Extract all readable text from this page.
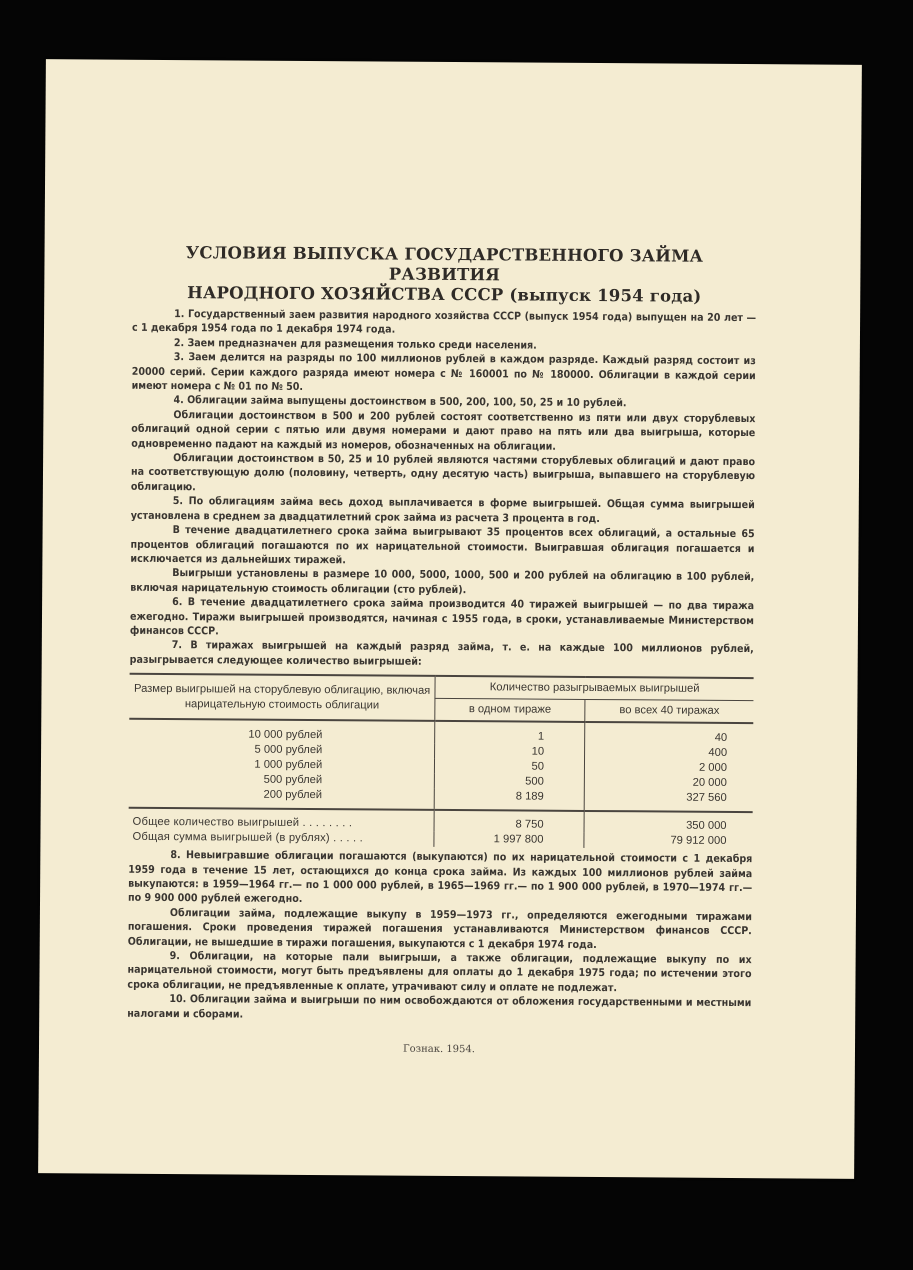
УСЛОВИЯ ВЫПУСКА ГОСУДАРСТВЕННОГО ЗАЙМА РАЗВИТИЯ
НАРОДНОГО ХОЗЯЙСТВА СССР (выпуск 1954 года)

1. Государственный заем развития народного хозяйства СССР (выпуск 1954 года) выпущен на 20 лет — с 1 декабря 1954 года по 1 декабря 1974 года.

2. Заем предназначен для размещения только среди населения.

3. Заем делится на разряды по 100 миллионов рублей в каждом разряде. Каждый разряд состоит из 20000 серий. Серии каждого разряда имеют номера с № 160001 по № 180000. Облигации в каждой серии имеют номера с № 01 по № 50.

4. Облигации займа выпущены достоинством в 500, 200, 100, 50, 25 и 10 рублей.

Облигации достоинством в 500 и 200 рублей состоят соответственно из пяти или двух сторублевых облигаций одной серии с пятью или двумя номерами и дают право на пять или два выигрыша, которые одновременно падают на каждый из номеров, обозначенных на облигации.

Облигации достоинством в 50, 25 и 10 рублей являются частями сторублевых облигаций и дают право на соответствующую долю (половину, четверть, одну десятую часть) выигрыша, выпавшего на сторублевую облигацию.

5. По облигациям займа весь доход выплачивается в форме выигрышей. Общая сумма выигрышей установлена в среднем за двадцатилетний срок займа из расчета 3 процента в год.

В течение двадцатилетнего срока займа выигрывают 35 процентов всех облигаций, а остальные 65 процентов облигаций погашаются по их нарицательной стоимости. Выигравшая облигация погашается и исключается из дальнейших тиражей.

Выигрыши установлены в размере 10 000, 5000, 1000, 500 и 200 рублей на облигацию в 100 рублей, включая нарицательную стоимость облигации (сто рублей).

6. В течение двадцатилетнего срока займа производится 40 тиражей выигрышей — по два тиража ежегодно. Тиражи выигрышей производятся, начиная с 1955 года, в сроки, устанавливаемые Министерством финансов СССР.

7. В тиражах выигрышей на каждый разряд займа, т. е. на каждые 100 миллионов рублей, разыгрывается следующее количество выигрышей:

Размер выигрышей на сторублевую облигацию, включая нарицательную стоимость облигации	Количество разыгрываемых выигрышей	
	в одном тираже	во всех 40 тиражах
10 000 рублей	1	40
5 000 рублей	10	400
1 000 рублей	50	2 000
500 рублей	500	20 000
200 рублей	8 189	327 560
Общее количество выигрышей . . . . . . . .	8 750	350 000
Общая сумма выигрышей (в рублях) . . . . .	1 997 800	79 912 000

8. Невыигравшие облигации погашаются (выкупаются) по их нарицательной стоимости с 1 декабря 1959 года в течение 15 лет, остающихся до конца срока займа. Из каждых 100 миллионов рублей займа выкупаются: в 1959—1964 гг.— по 1 000 000 рублей, в 1965—1969 гг.— по 1 900 000 рублей, в 1970—1974 гг.— по 9 900 000 рублей ежегодно.

Облигации займа, подлежащие выкупу в 1959—1973 гг., определяются ежегодными тиражами погашения. Сроки проведения тиражей погашения устанавливаются Министерством финансов СССР. Облигации, не вышедшие в тиражи погашения, выкупаются с 1 декабря 1974 года.

9. Облигации, на которые пали выигрыши, а также облигации, подлежащие выкупу по их нарицательной стоимости, могут быть предъявлены для оплаты до 1 декабря 1975 года; по истечении этого срока облигации, не предъявленные к оплате, утрачивают силу и оплате не подлежат.

10. Облигации займа и выигрыши по ним освобождаются от обложения государственными и местными налогами и сборами.

Гознак. 1954.
